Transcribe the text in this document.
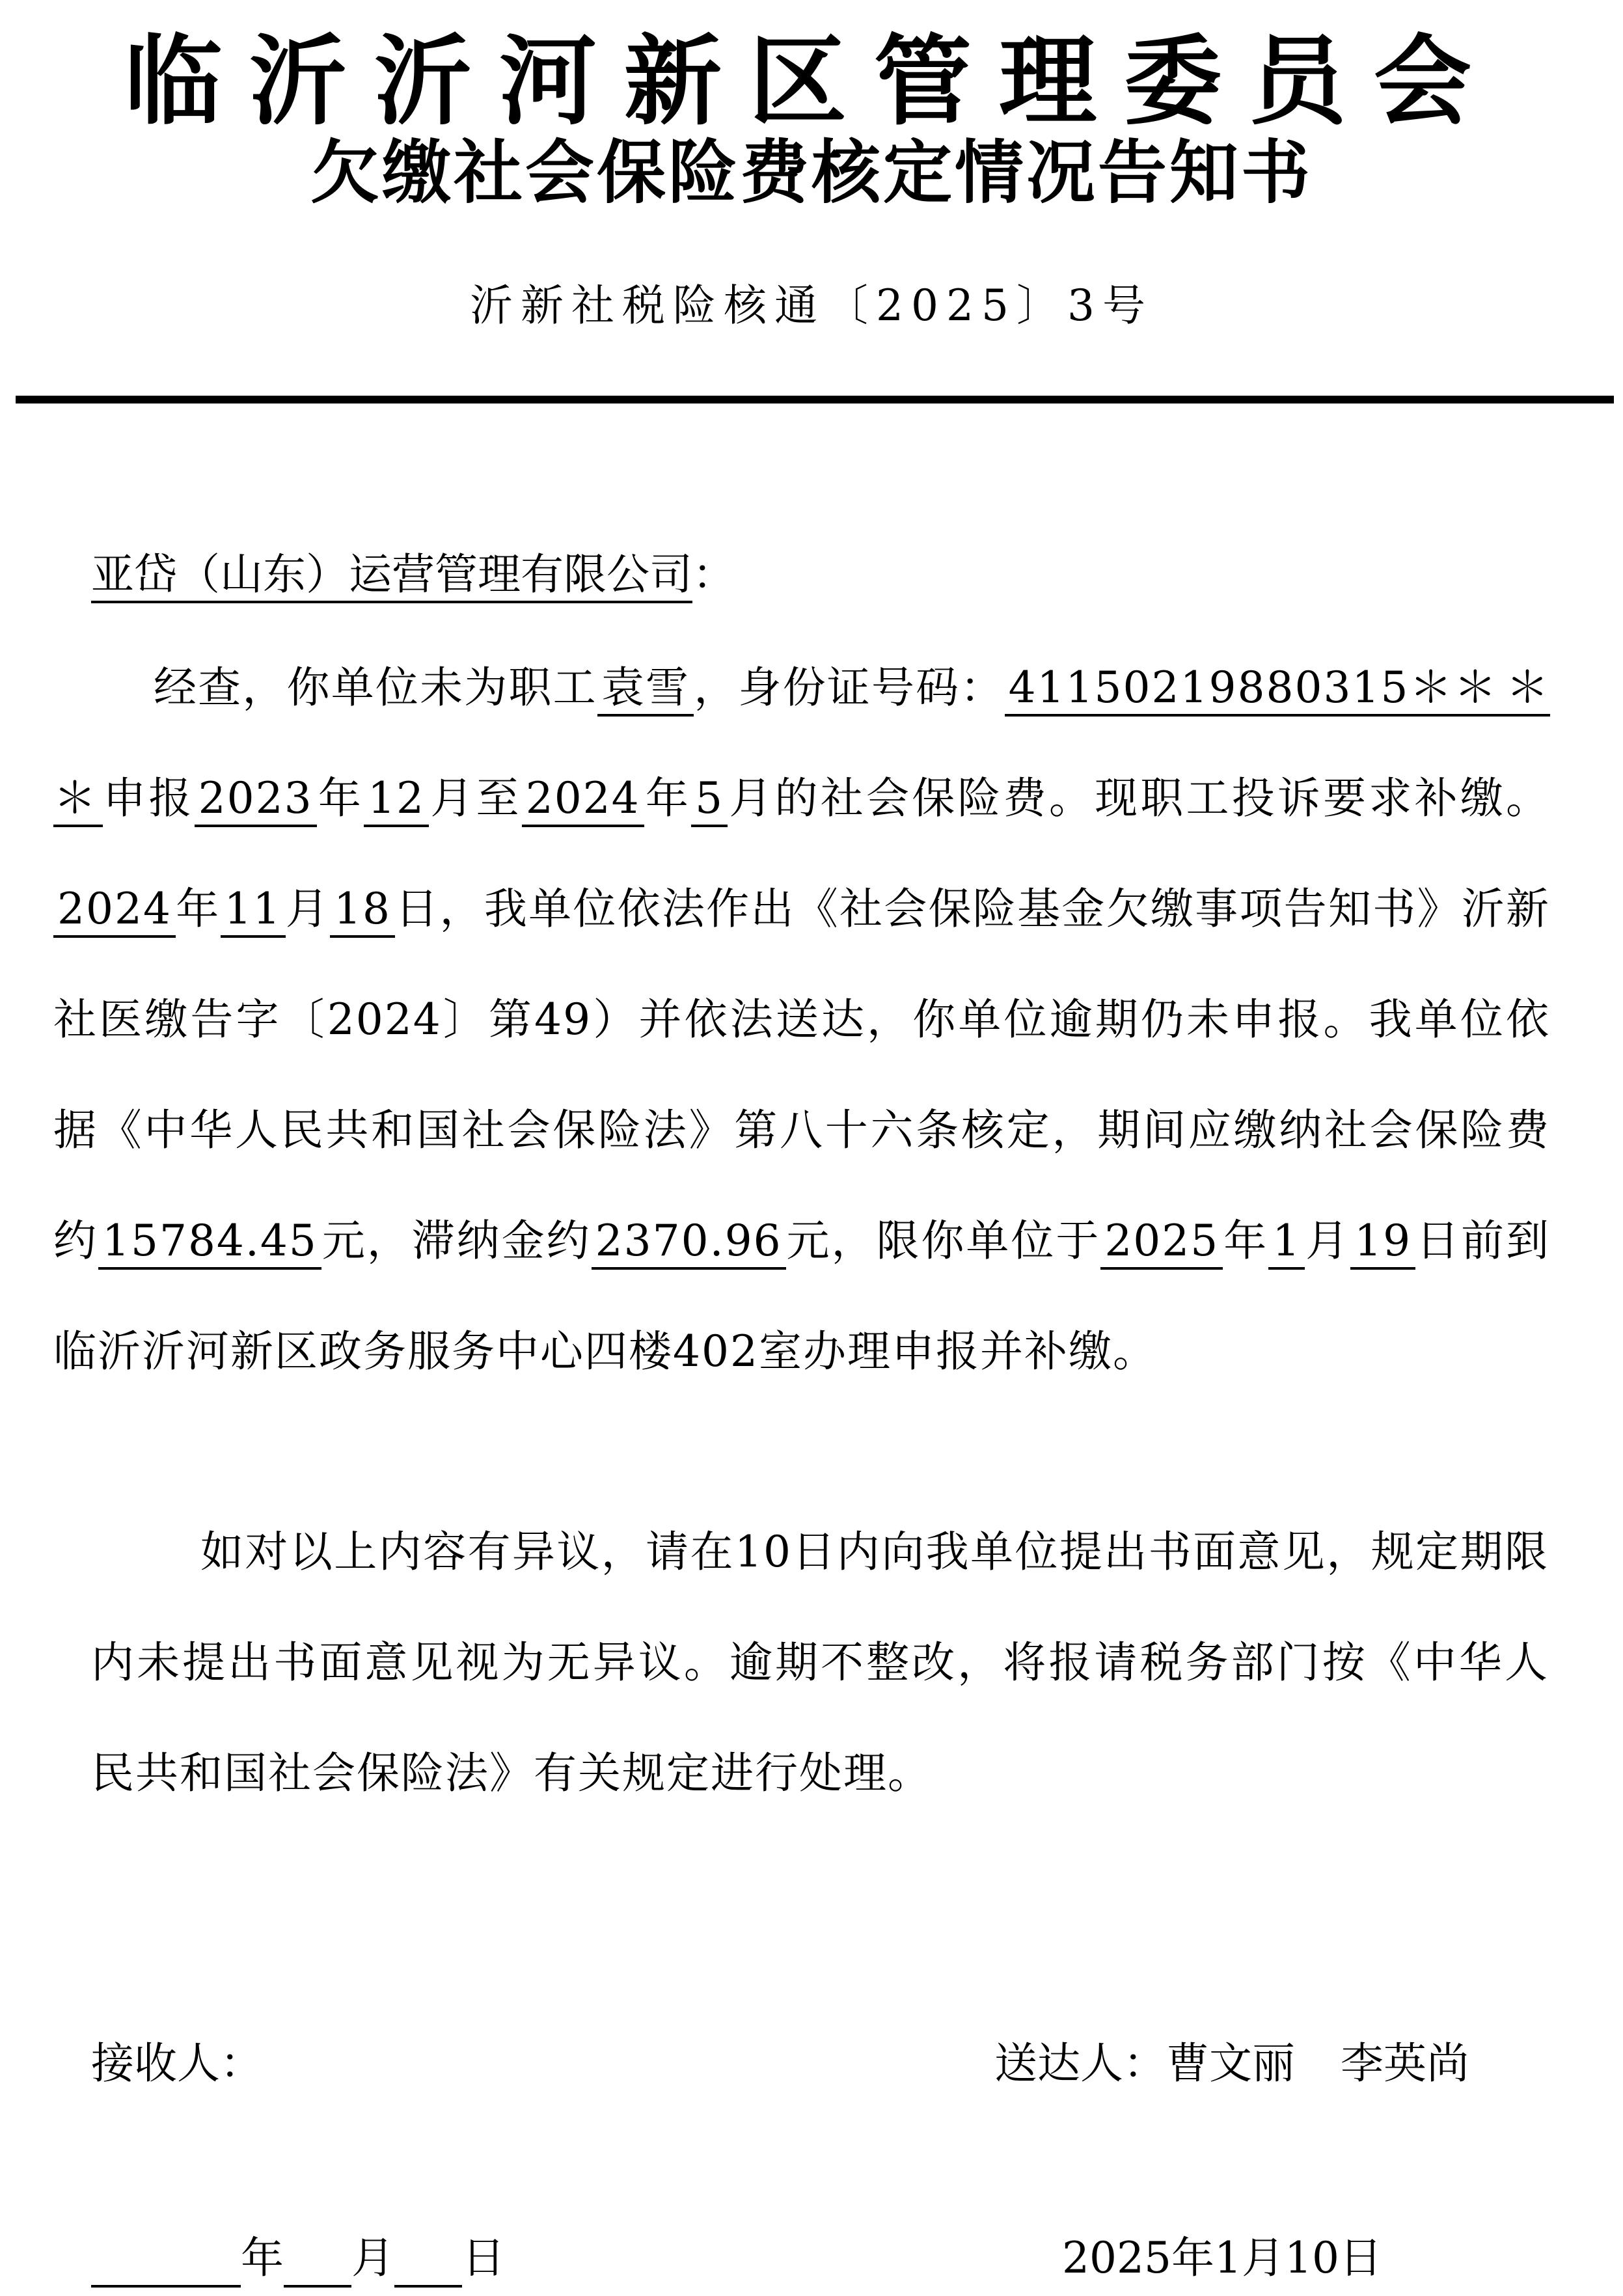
临沂沂河新区管理委员会
欠缴社会保险费核定情况告知书
沂新社税险核通〔2025〕3号
亚岱（山东）运营管理有限公司：
经查，你单位未为职工袁雪，身份证号码：41150219880315＊＊ ＊＊申报2023年12月至2024年5月的社会保险费。现职工投诉要求补缴。2024年11月18日，我单位依法作出《社会保险基金欠缴事项告知书》沂新社医缴告字〔2024〕第49）并依法送达，你单位逾期仍未申报。我单位依据《中华人民共和国社会保险法》第八十六条核定，期间应缴纳社会保险费约15784.45元，滞纳金约2370.96元，限你单位于2025年1月19日前到临沂沂河新区政务服务中心四楼402室办理申报并补缴。
如对以上内容有异议，请在10日内向我单位提出书面意见，规定期限内未提出书面意见视为无异议。逾期不整改，将报请税务部门按《中华人民共和国社会保险法》有关规定进行处理。
接收人：	送达人：曹文丽 李英尚
年 月 日	2025年1月10日
